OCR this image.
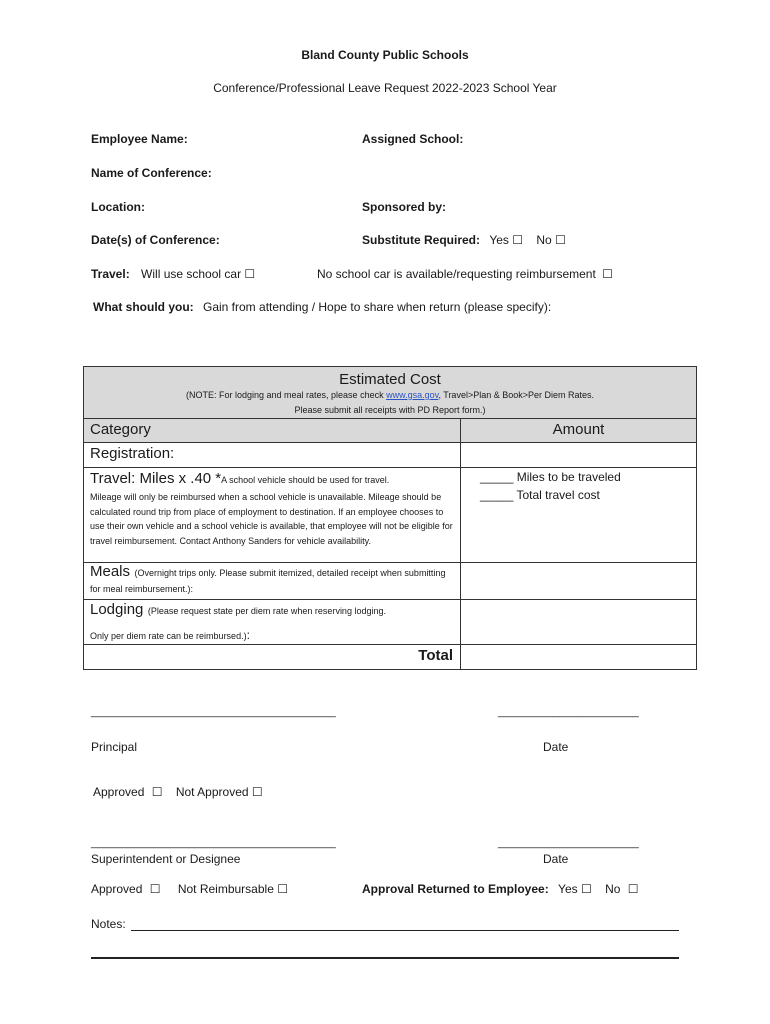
Bland County Public Schools
Conference/Professional Leave Request 2022-2023 School Year
Employee Name:	Assigned School:
Name of Conference:
Location:	Sponsored by:
Date(s) of Conference:	Substitute Required: Yes ☐ No ☐
Travel: Will use school car ☐	No school car is available/requesting reimbursement ☐
What should you: Gain from attending / Hope to share when return (please specify):
Estimated Cost
(NOTE: For lodging and meal rates, please check www.gsa.gov, Travel>Plan & Book>Per Diem Rates.
Please submit all receipts with PD Report form.)
Category	Amount
Registration:
Travel: Miles x .40 *A school vehicle should be used for travel.
Mileage will only be reimbursed when a school vehicle is unavailable. Mileage should be calculated round trip from place of employment to destination. If an employee chooses to use their own vehicle and a school vehicle is available, that employee will not be eligible for travel reimbursement. Contact Anthony Sanders for vehicle availability.
_____ Miles to be traveled
_____ Total travel cost
Meals (Overnight trips only. Please submit itemized, detailed receipt when submitting for meal reimbursement.):
Lodging (Please request state per diem rate when reserving lodging.
Only per diem rate can be reimbursed.):
Total
________________________________________	_______________________
Principal	Date
Approved ☐ Not Approved ☐
________________________________________	_______________________
Superintendent or Designee	Date
Approved ☐ Not Reimbursable ☐	Approval Returned to Employee: Yes ☐ No ☐
Notes:
